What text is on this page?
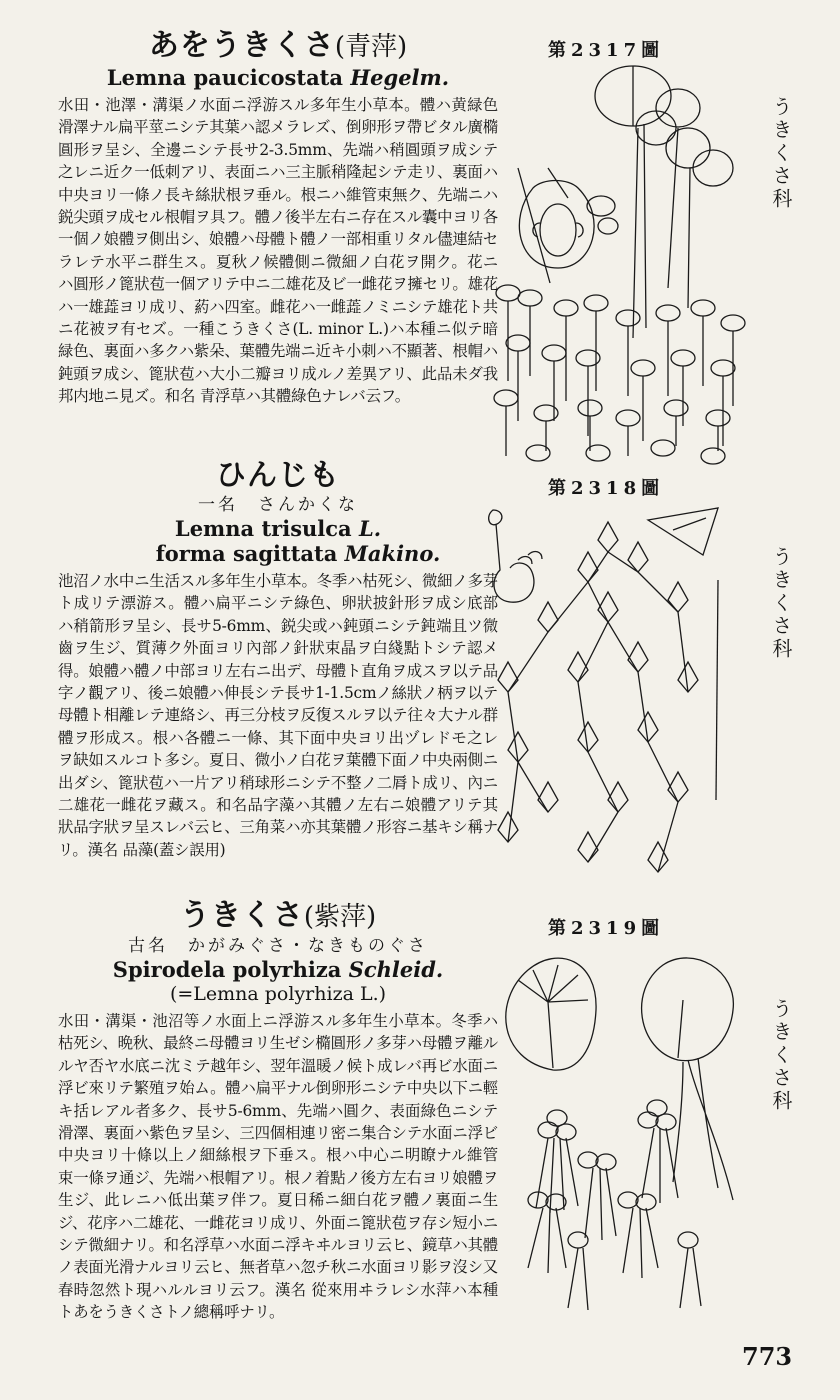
あをうきくさ(青萍)
Lemna paucicostata Hegelm.
水田・池澤・溝渠ノ水面ニ浮游スル多年生小草本。體ハ黄緑色滑澤ナル扁平莖ニシテ其葉ハ認メラレズ、倒卵形ヲ帶ビタル廣橢圓形ヲ呈シ、全邊ニシテ長サ2-3.5mm、先端ハ稍圓頭ヲ成シテ之レニ近ク一低刺アリ、表面ニハ三主脈稍隆起シテ走リ、裏面ハ中央ヨリ一條ノ長キ絲狀根ヲ垂ル。根ニハ維管束無ク、先端ニハ鋭尖頭ヲ成セル根帽ヲ具フ。體ノ後半左右ニ存在スル囊中ヨリ各一個ノ娘體ヲ側出シ、娘體ハ母體ト體ノ一部相重リタル儘連結セラレテ水平ニ群生ス。夏秋ノ候體側ニ微細ノ白花ヲ開ク。花ニハ圓形ノ篦狀苞一個アリテ中ニ二雄花及ビ一雌花ヲ擁セリ。雄花ハ一雄蕋ヨリ成リ、葯ハ四室。雌花ハ一雌蕋ノミニシテ雄花ト共ニ花被ヲ有セズ。一種こうきくさ(L. minor L.)ハ本種ニ似テ暗緑色、裏面ハ多クハ紫朵、葉體先端ニ近キ小刺ハ不顯著、根帽ハ鈍頭ヲ成シ、篦狀苞ハ大小二瓣ヨリ成ルノ差異アリ、此品未ダ我邦内地ニ見ズ。和名 青浮草ハ其體綠色ナレバ云フ。
ひんじも
一名　さんかくな
Lemna trisulca L.
forma sagittata Makino.
池沼ノ水中ニ生活スル多年生小草本。冬季ハ枯死シ、微細ノ多芽ト成リテ漂游ス。體ハ扁平ニシテ綠色、卵狀披針形ヲ成シ底部ハ稍箭形ヲ呈シ、長サ5-6mm、鋭尖或ハ鈍頭ニシテ鈍端且ツ微齒ヲ生ジ、質薄ク外面ヨリ內部ノ針狀束晶ヲ白綫點トシテ認メ得。娘體ハ體ノ中部ヨリ左右ニ出デ、母體ト直角ヲ成スヲ以テ品字ノ觀アリ、後ニ娘體ハ伸長シテ長サ1-1.5cmノ絲狀ノ柄ヲ以テ母體ト相離レテ連絡シ、再三分枝ヲ反復スルヲ以テ往々大ナル群體ヲ形成ス。根ハ各體ニ一條、其下面中央ヨリ出ヅレドモ之レヲ缺如スルコト多シ。夏日、微小ノ白花ヲ葉體下面ノ中央兩側ニ出ダシ、篦狀苞ハ一片アリ稍球形ニシテ不整ノ二脣ト成リ、內ニ二雄花一雌花ヲ藏ス。和名品字藻ハ其體ノ左右ニ娘體アリテ其狀品字狀ヲ呈スレバ云ヒ、三角菜ハ亦其葉體ノ形容ニ基キシ稱ナリ。漢名 品藻(蓋シ誤用)
うきくさ(紫萍)
古名　かがみぐさ・なきものぐさ
Spirodela polyrhiza Schleid.
(=Lemna polyrhiza L.)
水田・溝渠・池沼等ノ水面上ニ浮游スル多年生小草本。冬季ハ枯死シ、晩秋、最終ニ母體ヨリ生ゼシ橢圓形ノ多芽ハ母體ヲ離ルルヤ否ヤ水底ニ沈ミテ越年シ、翌年溫暖ノ候ト成レバ再ビ水面ニ浮ビ來リテ繁殖ヲ始ム。體ハ扁平ナル倒卵形ニシテ中央以下ニ輕キ括レアル者多ク、長サ5-6mm、先端ハ圓ク、表面綠色ニシテ滑澤、裏面ハ紫色ヲ呈シ、三四個相連リ密ニ集合シテ水面ニ浮ビ中央ヨリ十條以上ノ細絲根ヲ下垂ス。根ハ中心ニ明瞭ナル維管束一條ヲ通ジ、先端ハ根帽アリ。根ノ着點ノ後方左右ヨリ娘體ヲ生ジ、此レニハ低出葉ヲ伴フ。夏日稀ニ細白花ヲ體ノ裏面ニ生ジ、花序ハ二雄花、一雌花ヨリ成リ、外面ニ篦狀苞ヲ存シ短小ニシテ微細ナリ。和名浮草ハ水面ニ浮キヰルヨリ云ヒ、鏡草ハ其體ノ表面光滑ナルヨリ云ヒ、無者草ハ忽チ秋ニ水面ヨリ影ヲ沒シ又春時忽然ト現ハルルヨリ云フ。漢名 從來用ヰラレシ水萍ハ本種トあをうきくさトノ總稱呼ナリ。
第2317圖
第2318圖
第2319圖
うきくさ科
うきくさ科
うきくさ科
773
